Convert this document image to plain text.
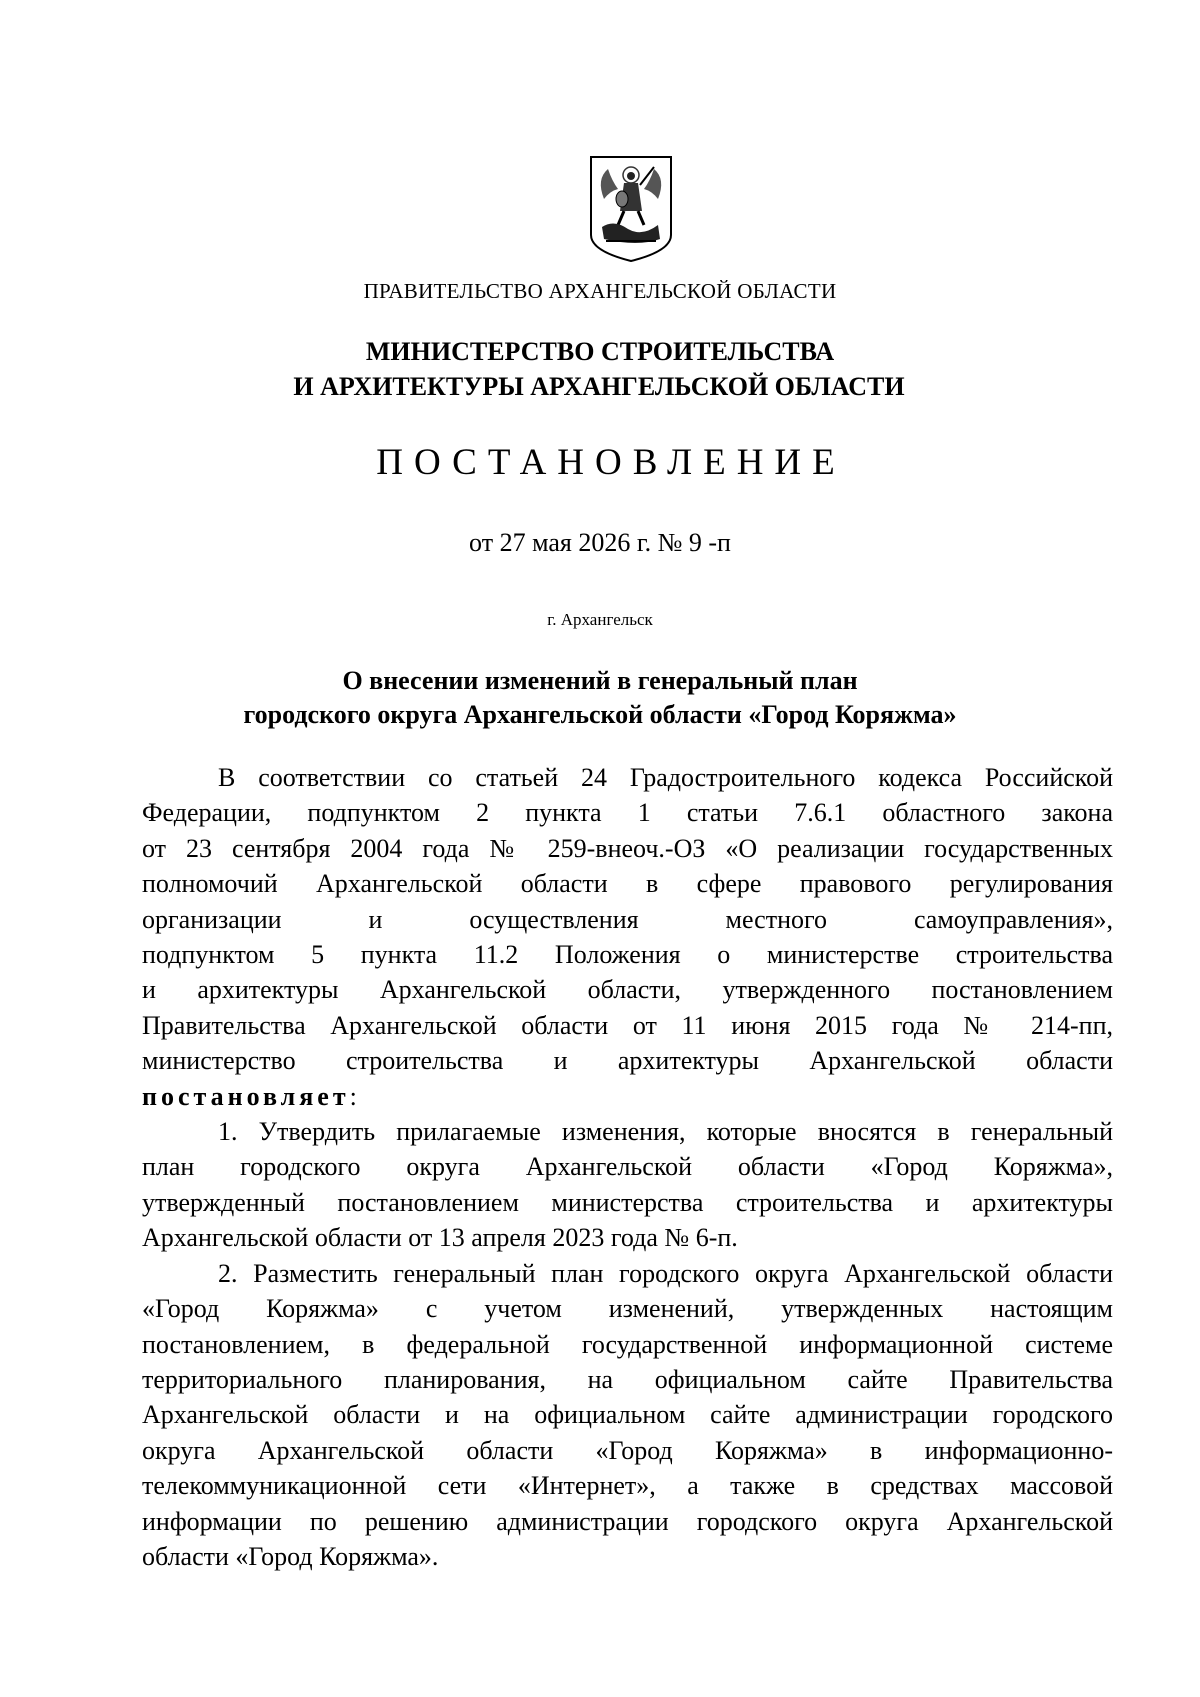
ПРАВИТЕЛЬСТВО АРХАНГЕЛЬСКОЙ ОБЛАСТИ
МИНИСТЕРСТВО СТРОИТЕЛЬСТВА
И АРХИТЕКТУРЫ АРХАНГЕЛЬСКОЙ ОБЛАСТИ
ПОСТАНОВЛЕНИЕ
от 27 мая 2026 г. № 9 -п
г. Архангельск
О внесении изменений в генеральный план
городского округа Архангельской области «Город Коряжма»
В соответствии со статьей 24 Градостроительного кодекса Российской
Федерации, подпунктом 2 пункта 1 статьи 7.6.1 областного закона
от 23 сентября 2004 года № 259-внеоч.-ОЗ «О реализации государственных
полномочий Архангельской области в сфере правового регулирования
организации и осуществления местного самоуправления»,
подпунктом 5 пункта 11.2 Положения о министерстве строительства
и архитектуры Архангельской области, утвержденного постановлением
Правительства Архангельской области от 11 июня 2015 года № 214-пп,
министерство строительства и архитектуры Архангельской области
постановляет:
1. Утвердить прилагаемые изменения, которые вносятся в генеральный
план городского округа Архангельской области «Город Коряжма»,
утвержденный постановлением министерства строительства и архитектуры
Архангельской области от 13 апреля 2023 года № 6-п.
2. Разместить генеральный план городского округа Архангельской области
«Город Коряжма» с учетом изменений, утвержденных настоящим
постановлением, в федеральной государственной информационной системе
территориального планирования, на официальном сайте Правительства
Архангельской области и на официальном сайте администрации городского
округа Архангельской области «Город Коряжма» в информационно-
телекоммуникационной сети «Интернет», а также в средствах массовой
информации по решению администрации городского округа Архангельской
области «Город Коряжма».
